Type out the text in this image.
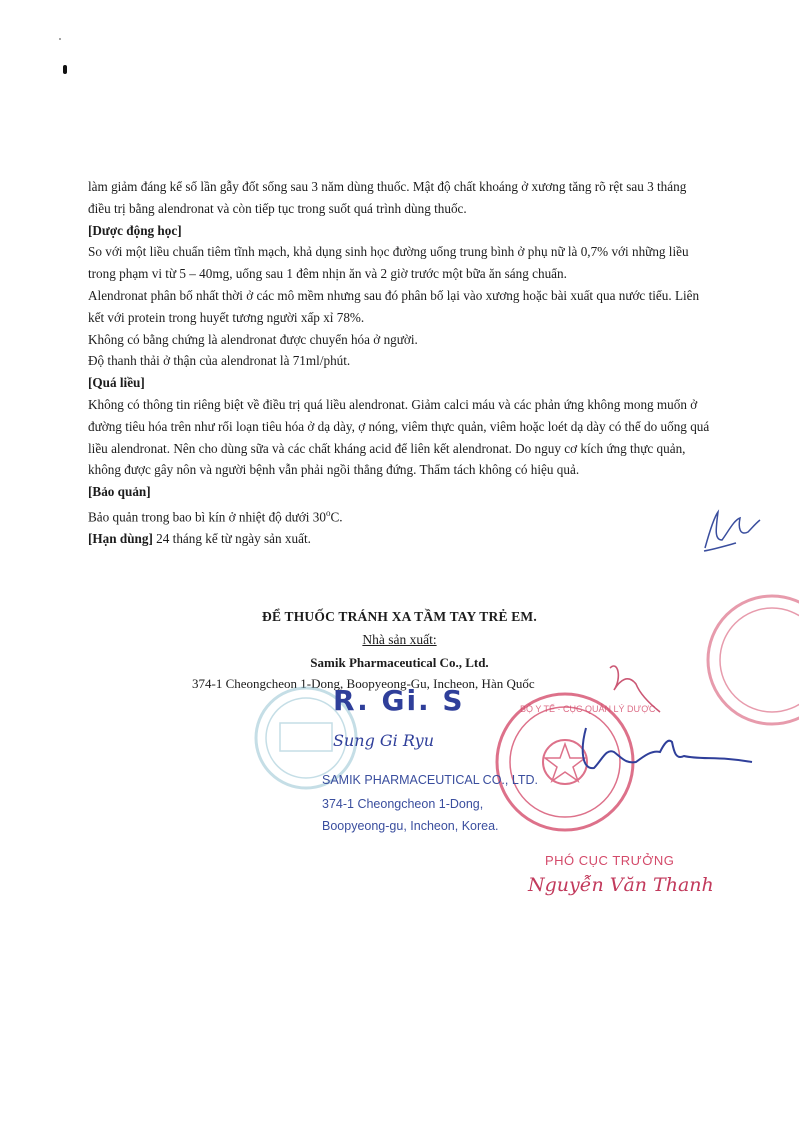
làm giảm đáng kể số lần gẫy đốt sống sau 3 năm dùng thuốc. Mật độ chất khoáng ở xương tăng rõ rệt sau 3 tháng điều trị bằng alendronat và còn tiếp tục trong suốt quá trình dùng thuốc.

[Dược động học]

So với một liều chuẩn tiêm tĩnh mạch, khả dụng sinh học đường uống trung bình ở phụ nữ là 0,7% với những liều trong phạm vi từ 5 – 40mg, uống sau 1 đêm nhịn ăn và 2 giờ trước một bữa ăn sáng chuẩn.

Alendronat phân bố nhất thời ở các mô mềm nhưng sau đó phân bố lại vào xương hoặc bài xuất qua nước tiểu. Liên kết với protein trong huyết tương người xấp xỉ 78%.

Không có bằng chứng là alendronat được chuyển hóa ở người.

Độ thanh thải ở thận của alendronat là 71ml/phút.

[Quá liều]

Không có thông tin riêng biệt về điều trị quá liều alendronat. Giảm calci máu và các phản ứng không mong muốn ở đường tiêu hóa trên như rối loạn tiêu hóa ở dạ dày, ợ nóng, viêm thực quản, viêm hoặc loét dạ dày có thể do uống quá liều alendronat. Nên cho dùng sữa và các chất kháng acid để liên kết alendronat. Do nguy cơ kích ứng thực quản, không được gây nôn và người bệnh vẫn phải ngồi thẳng đứng. Thẩm tách không có hiệu quả.

[Bảo quản]

Bảo quản trong bao bì kín ở nhiệt độ dưới 30$^o$C.

[Hạn dùng] 24 tháng kể từ ngày sản xuất.

ĐỂ THUỐC TRÁNH XA TẦM TAY TRẺ EM.
Nhà sản xuất:
Samik Pharmaceutical Co., Ltd.
374-1 Cheongcheon 1-Dong, Boopyeong-Gu, Incheon, Hàn Quốc
BỘ Y TẾ · CỤC QUẢN LÝ DƯỢC
R. Gi. S
Sung Gi Ryu
SAMIK PHARMACEUTICAL CO., LTD.
374-1 Cheongcheon 1-Dong,
Boopyeong-gu, Incheon, Korea.
PHÓ CỤC TRƯỞNG
Nguyễn Văn Thanh
